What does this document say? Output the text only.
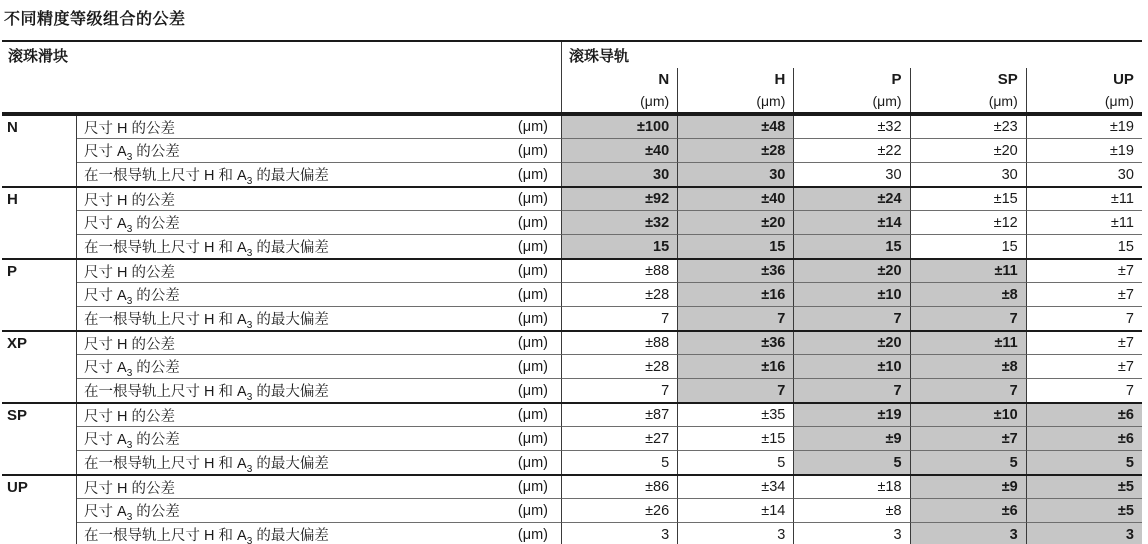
不同精度等级组合的公差
滚珠滑块	滚珠导轨
N	H	P	SP	UP
(μm)	(μm)	(μm)	(μm)	(μm)
N	尺寸 H 的公差	(μm)	±100	±48	±32	±23	±19
尺寸 $A_3$ 的公差	(μm)	±40	±28	±22	±20	±19
在一根导轨上尺寸 H 和 $A_3$ 的最大偏差	(μm)	30	30	30	30	30
H	尺寸 H 的公差	(μm)	±92	±40	±24	±15	±11
尺寸 $A_3$ 的公差	(μm)	±32	±20	±14	±12	±11
在一根导轨上尺寸 H 和 $A_3$ 的最大偏差	(μm)	15	15	15	15	15
P	尺寸 H 的公差	(μm)	±88	±36	±20	±11	±7
尺寸 $A_3$ 的公差	(μm)	±28	±16	±10	±8	±7
在一根导轨上尺寸 H 和 $A_3$ 的最大偏差	(μm)	7	7	7	7	7
XP	尺寸 H 的公差	(μm)	±88	±36	±20	±11	±7
尺寸 $A_3$ 的公差	(μm)	±28	±16	±10	±8	±7
在一根导轨上尺寸 H 和 $A_3$ 的最大偏差	(μm)	7	7	7	7	7
SP	尺寸 H 的公差	(μm)	±87	±35	±19	±10	±6
尺寸 $A_3$ 的公差	(μm)	±27	±15	±9	±7	±6
在一根导轨上尺寸 H 和 $A_3$ 的最大偏差	(μm)	5	5	5	5	5
UP	尺寸 H 的公差	(μm)	±86	±34	±18	±9	±5
尺寸 $A_3$ 的公差	(μm)	±26	±14	±8	±6	±5
在一根导轨上尺寸 H 和 $A_3$ 的最大偏差	(μm)	3	3	3	3	3
